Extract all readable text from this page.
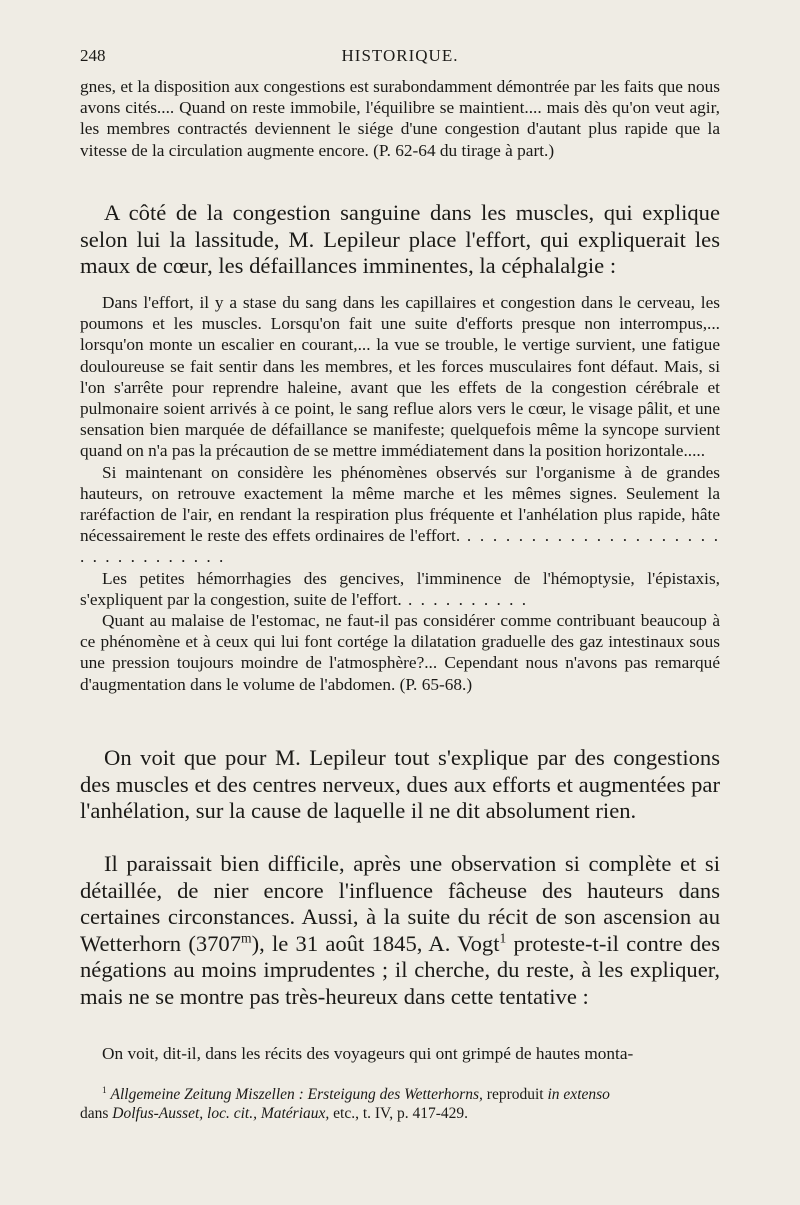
248	HISTORIQUE.

gnes, et la disposition aux congestions est surabondamment démontrée par les faits que nous avons cités.... Quand on reste immobile, l'équilibre se maintient.... mais dès qu'on veut agir, les membres contractés deviennent le siége d'une congestion d'autant plus rapide que la vitesse de la circulation augmente encore. (P. 62-64 du tirage à part.)

A côté de la congestion sanguine dans les muscles, qui explique selon lui la lassitude, M. Lepileur place l'effort, qui expliquerait les maux de cœur, les défaillances imminentes, la céphalalgie :

Dans l'effort, il y a stase du sang dans les capillaires et congestion dans le cerveau, les poumons et les muscles. Lorsqu'on fait une suite d'efforts presque non interrompus,... lorsqu'on monte un escalier en courant,... la vue se trouble, le vertige survient, une fatigue douloureuse se fait sentir dans les membres, et les forces musculaires font défaut. Mais, si l'on s'arrête pour reprendre haleine, avant que les effets de la congestion cérébrale et pulmonaire soient arrivés à ce point, le sang reflue alors vers le cœur, le visage pâlit, et une sensation bien marquée de défaillance se manifeste; quelquefois même la syncope survient quand on n'a pas la précaution de se mettre immédiatement dans la position horizontale.....

Si maintenant on considère les phénomènes observés sur l'organisme à de grandes hauteurs, on retrouve exactement la même marche et les mêmes signes. Seulement la raréfaction de l'air, en rendant la respiration plus fréquente et l'anhélation plus rapide, hâte nécessairement le reste des effets ordinaires de l'effort. . . . . . . . . . . . . . . . . . . . . . . . . . . . . . . . .

Les petites hémorrhagies des gencives, l'imminence de l'hémoptysie, l'épistaxis, s'expliquent par la congestion, suite de l'effort. . . . . . . . . . .

Quant au malaise de l'estomac, ne faut-il pas considérer comme contribuant beaucoup à ce phénomène et à ceux qui lui font cortége la dilatation graduelle des gaz intestinaux sous une pression toujours moindre de l'atmosphère?... Cependant nous n'avons pas remarqué d'augmentation dans le volume de l'abdomen. (P. 65-68.)

On voit que pour M. Lepileur tout s'explique par des congestions des muscles et des centres nerveux, dues aux efforts et augmentées par l'anhélation, sur la cause de laquelle il ne dit absolument rien.

Il paraissait bien difficile, après une observation si complète et si détaillée, de nier encore l'influence fâcheuse des hauteurs dans certaines circonstances. Aussi, à la suite du récit de son ascension au Wetterhorn (3707$^m$), le 31 août 1845, A. Vogt$^1$ proteste-t-il contre des négations au moins imprudentes ; il cherche, du reste, à les expliquer, mais ne se montre pas très-heureux dans cette tentative :

On voit, dit-il, dans les récits des voyageurs qui ont grimpé de hautes monta-

$^1$ Allgemeine Zeitung Miszellen : Ersteigung des Wetterhorns, reproduit in extenso
dans Dolfus-Ausset, loc. cit., Matériaux, etc., t. IV, p. 417-429.
